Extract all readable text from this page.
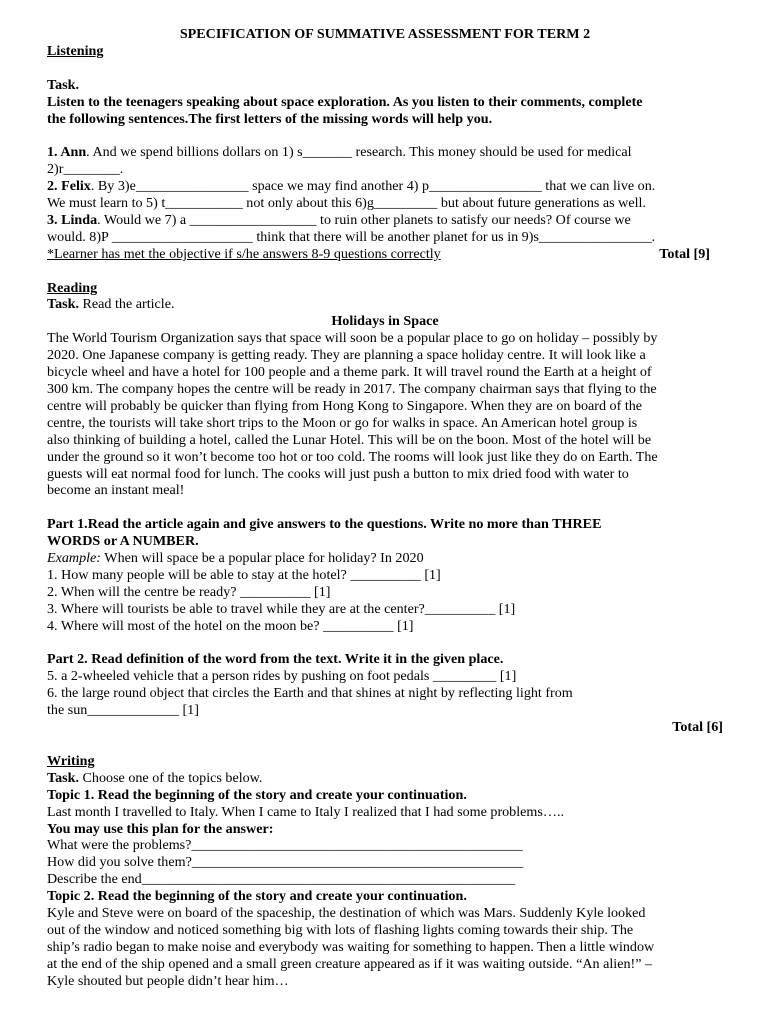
SPECIFICATION OF SUMMATIVE ASSESSMENT FOR TERM 2

Listening

Task.

Listen to the teenagers speaking about space exploration. As you listen to their comments, complete

the following sentences.The first letters of the missing words will help you.

1. Ann. And we spend billions dollars on 1) s_______ research. This money should be used for medical

2)r________.

2. Felix. By 3)e________________ space we may find another 4) p________________ that we can live on.

We must learn to 5) t___________ not only about this 6)g_________ but about future generations as well.

3. Linda. Would we 7) a __________________ to ruin other planets to satisfy our needs? Of course we

would. 8)P ____________________ think that there will be another planet for us in 9)s________________.

*Learner has met the objective if s/he answers 8-9 questions correctly	Total [9]

Reading

Task. Read the article.

Holidays in Space

The World Tourism Organization says that space will soon be a popular place to go on holiday – possibly by

2020. One Japanese company is getting ready. They are planning a space holiday centre. It will look like a

bicycle wheel and have a hotel for 100 people and a theme park. It will travel round the Earth at a height of

300 km. The company hopes the centre will be ready in 2017. The company chairman says that flying to the

centre will probably be quicker than flying from Hong Kong to Singapore. When they are on board of the

centre, the tourists will take short trips to the Moon or go for walks in space. An American hotel group is

also thinking of building a hotel, called the Lunar Hotel. This will be on the ƅoon. Most of the hotel will be

under the ground so it won’t become too hot or too cold. The rooms will look just like they do on Earth. The

guests will eat normal food for lunch. The cooks will just push a button to mix dried food with water to

become an instant meal!

Part 1.Read the article again and give answers to the questions. Write no more than THREE

WORDS or A NUMBER.

Example: When will space be a popular place for holiday? In 2020

1. How many people will be able to stay at the hotel? __________ [1]

2. When will the centre be ready? __________ [1]

3. Where will tourists be able to travel while they are at the center?__________ [1]

4. Where will most of the hotel on the moon be? __________ [1]

Part 2. Read definition of the word from the text. Write it in the given place.

5. a 2-wheeled vehicle that a person rides by pushing on foot pedals _________ [1]

6. the large round object that circles the Earth and that shines at night by reflecting light from

the sun_____________ [1]

Total [6]

Writing

Task. Choose one of the topics below.

Topic 1. Read the beginning of the story and create your continuation.

Last month I travelled to Italy. When I came to Italy I realized that I had some problems…..

You may use this plan for the answer:

What were the problems?_______________________________________________

How did you solve them?_______________________________________________

Describe the end_____________________________________________________

Topic 2. Read the beginning of the story and create your continuation.

Kyle and Steve were on board of the spaceship, the destination of which was Mars. Suddenly Kyle looked

out of the window and noticed something big with lots of flashing lights coming towards their ship. The

ship’s radio began to make noise and everybody was waiting for something to happen. Then a little window

at the end of the ship opened and a small green creature appeared as if it was waiting outside. “An alien!” –

Kyle shouted but people didn’t hear him…
